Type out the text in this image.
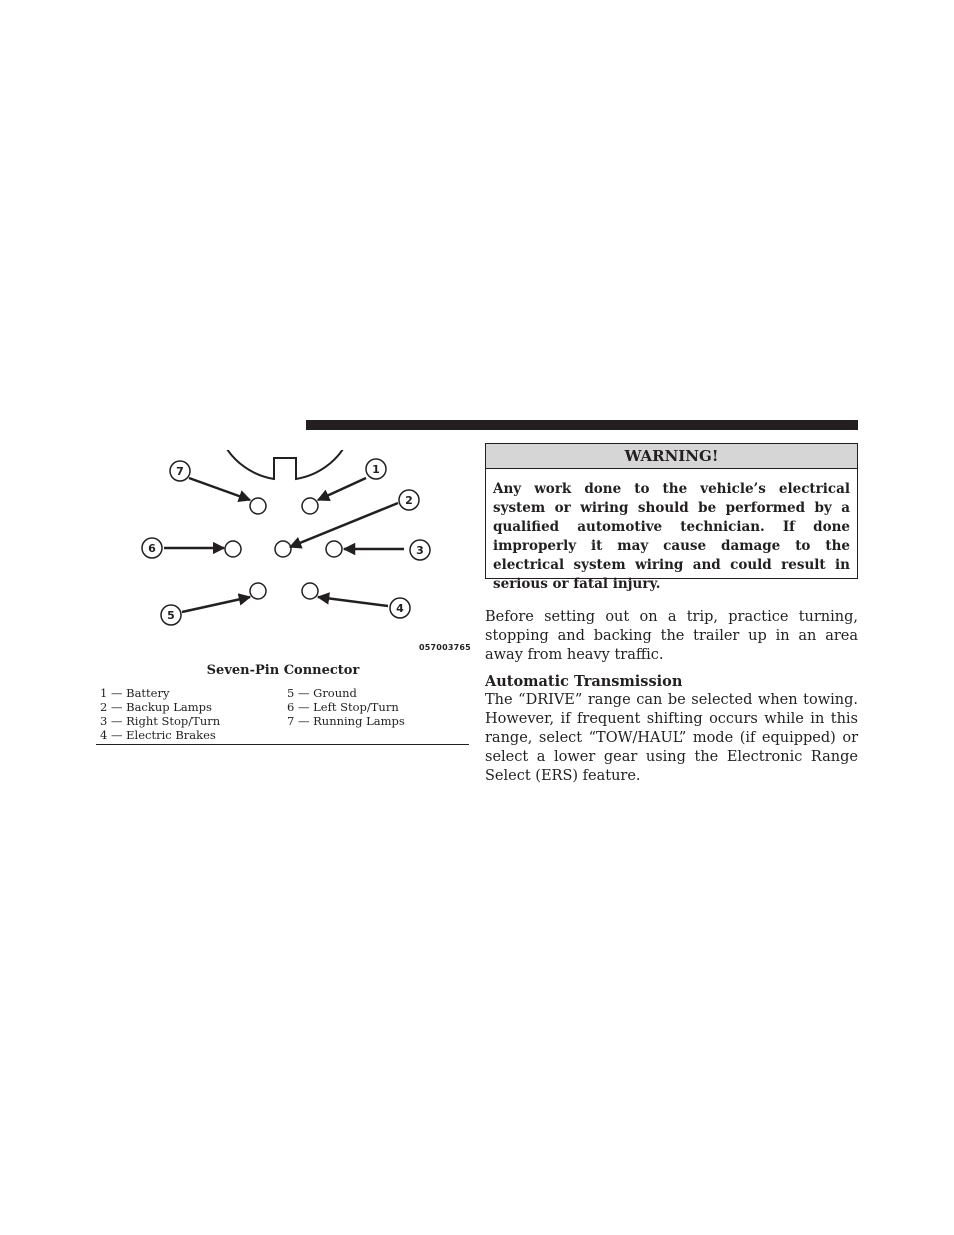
7	1
2
6	3
5
4
057003765
Seven-Pin Connector
1 — Battery
2 — Backup Lamps
3 — Right Stop/Turn
4 — Electric Brakes
5 — Ground
6 — Left Stop/Turn
7 — Running Lamps
WARNING!
Any work done to the vehicle’s electrical system or wiring should be performed by a qualified automotive technician. If done improperly it may cause damage to the electrical system wiring and could result in serious or fatal injury.
Before setting out on a trip, practice turning, stopping and backing the trailer up in an area away from heavy traffic.
Automatic Transmission
The “DRIVE” range can be selected when towing. However, if frequent shifting occurs while in this range, select “TOW/HAUL” mode (if equipped) or select a lower gear using the Electronic Range Select (ERS) feature.
